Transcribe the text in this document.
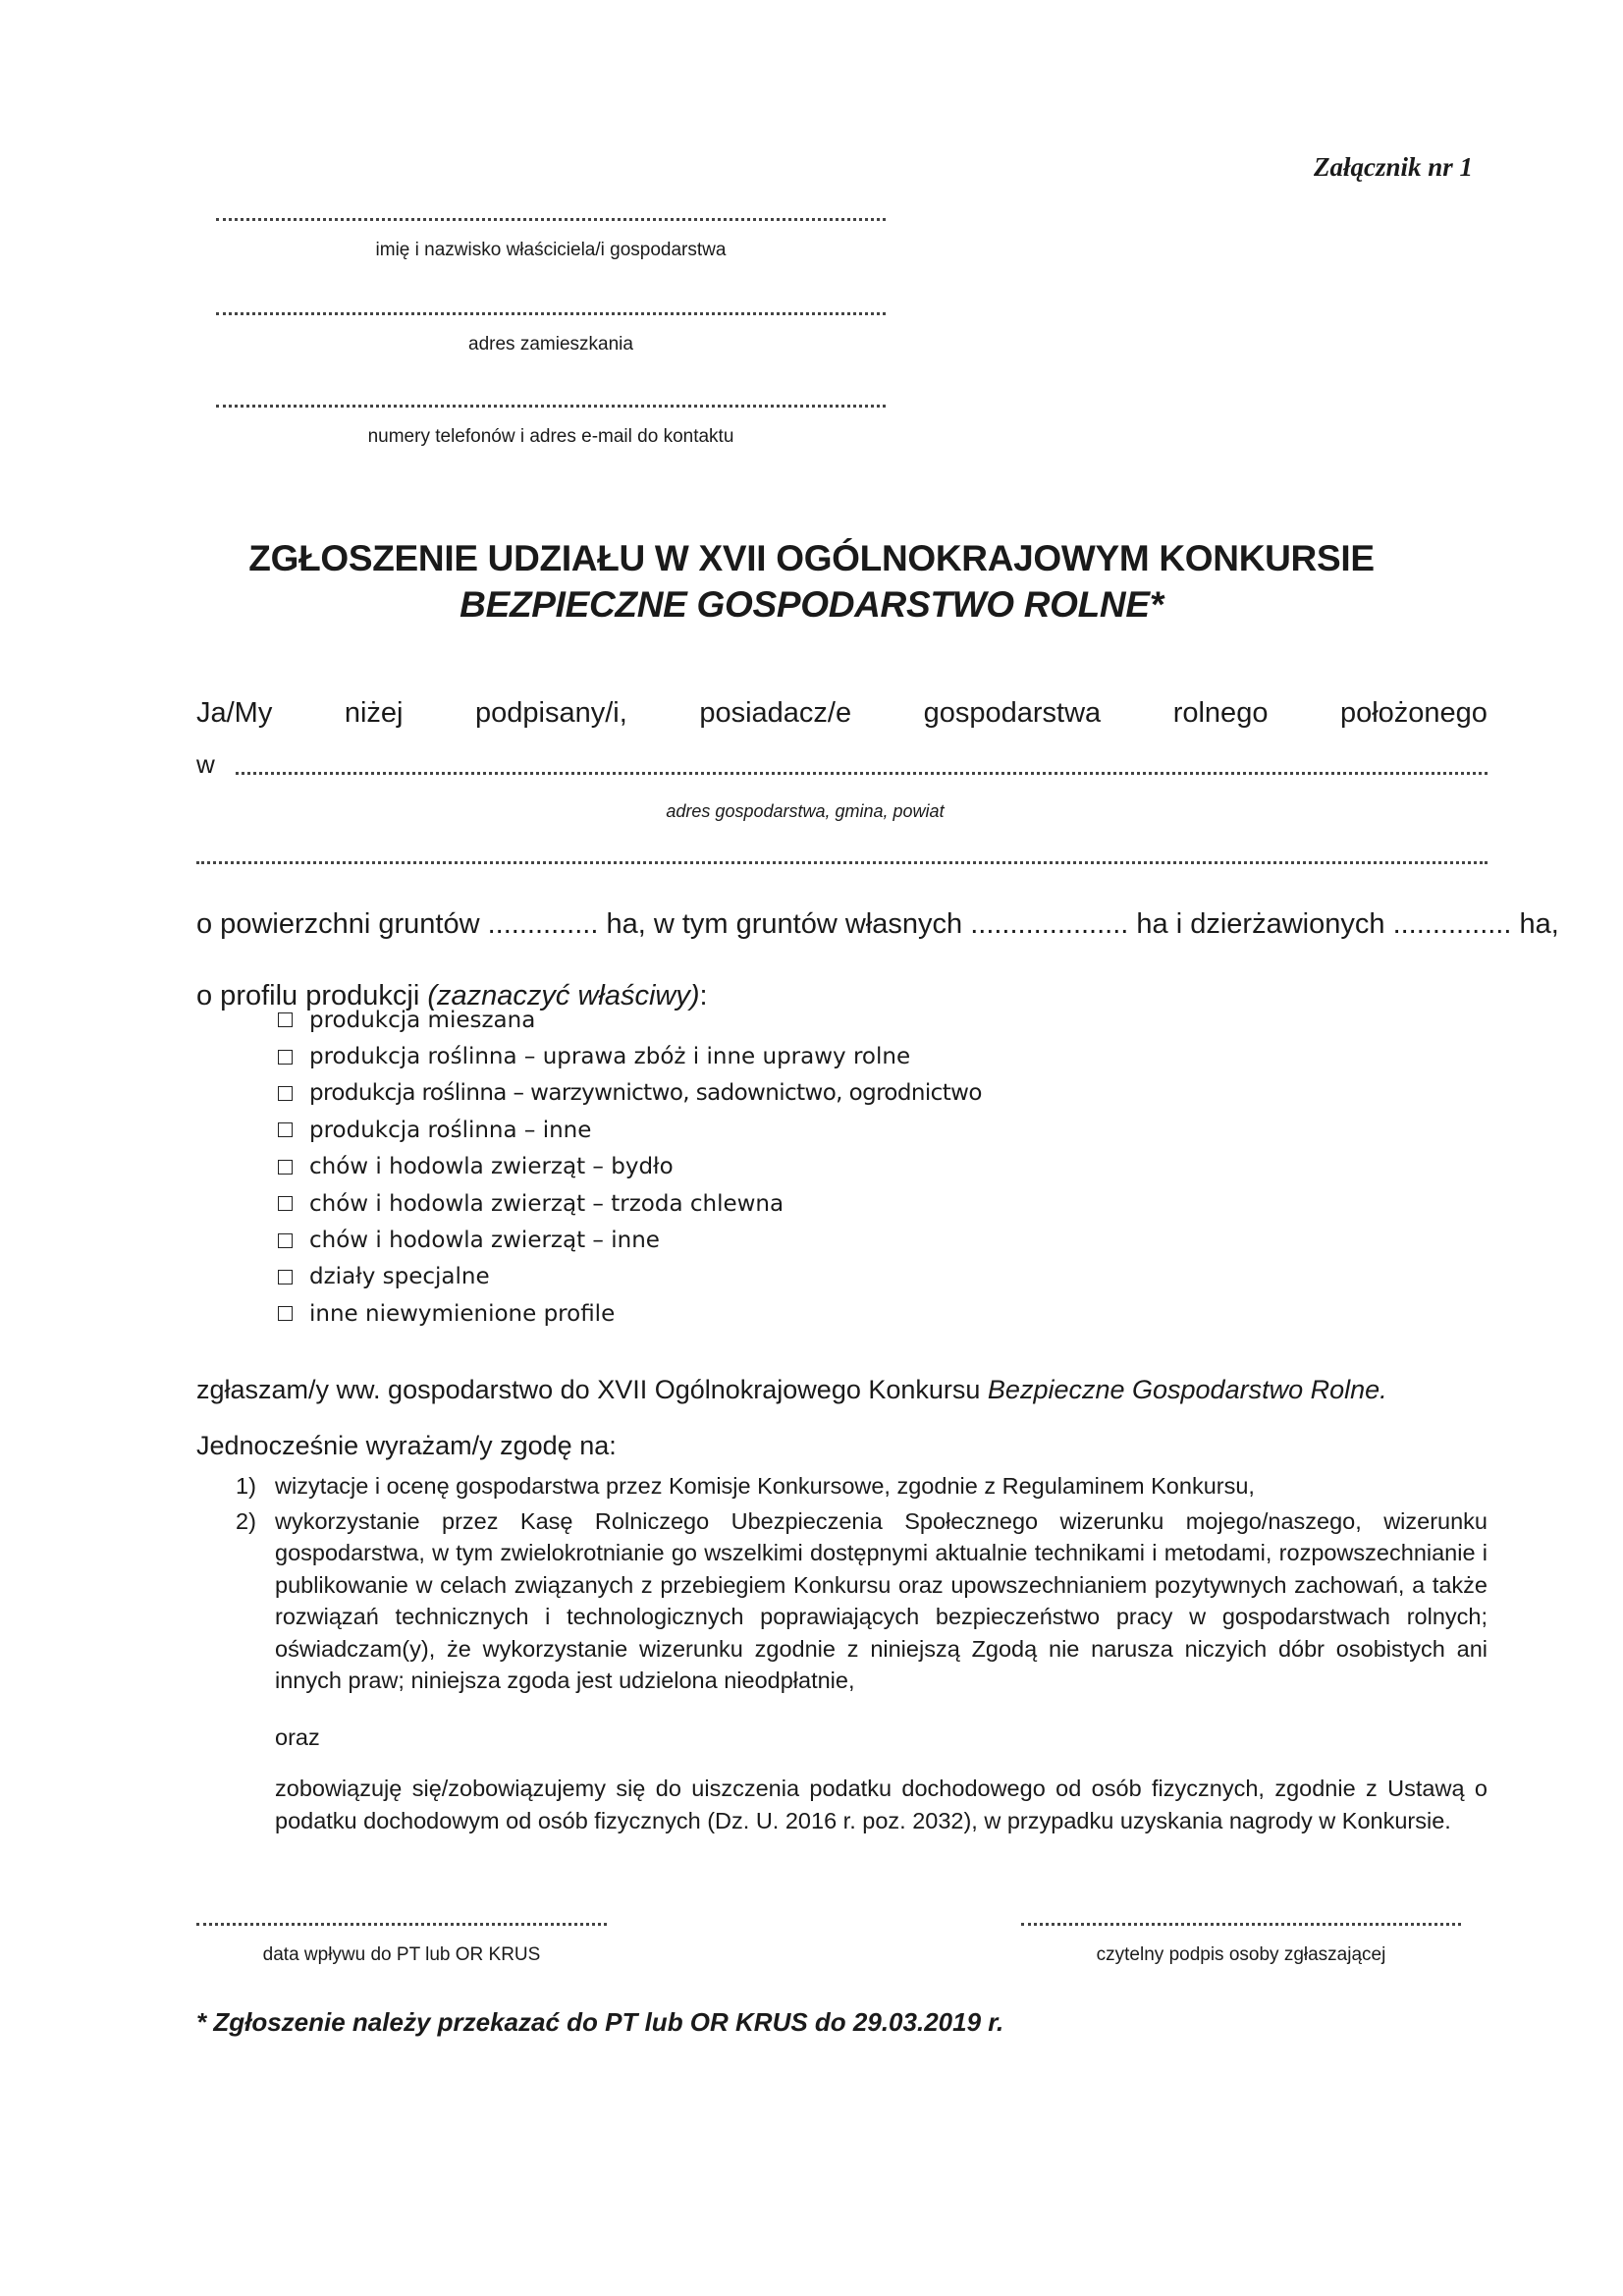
Załącznik nr 1
imię i nazwisko właściciela/i gospodarstwa
adres zamieszkania
numery telefonów i adres e-mail do kontaktu
ZGŁOSZENIE UDZIAŁU W XVII OGÓLNOKRAJOWYM KONKURSIE
BEZPIECZNE GOSPODARSTWO ROLNE*
Ja/My	niżej	podpisany/i,	posiadacz/e	gospodarstwa	rolnego	położonego
w
adres gospodarstwa, gmina, powiat
o powierzchni gruntów .............. ha, w tym gruntów własnych .................... ha i dzierżawionych ............... ha,
o profilu produkcji (zaznaczyć właściwy):
produkcja mieszana
produkcja roślinna – uprawa zbóż i inne uprawy rolne
produkcja roślinna – warzywnictwo, sadownictwo, ogrodnictwo
produkcja roślinna – inne
chów i hodowla zwierząt – bydło
chów i hodowla zwierząt – trzoda chlewna
chów i hodowla zwierząt – inne
działy specjalne
inne niewymienione profile
zgłaszam/y ww. gospodarstwo do XVII Ogólnokrajowego Konkursu Bezpieczne Gospodarstwo Rolne.
Jednocześnie wyrażam/y zgodę na:
1) wizytacje i ocenę gospodarstwa przez Komisje Konkursowe, zgodnie z Regulaminem Konkursu,
2) wykorzystanie przez Kasę Rolniczego Ubezpieczenia Społecznego wizerunku mojego/naszego, wizerunku gospodarstwa, w tym zwielokrotnianie go wszelkimi dostępnymi aktualnie technikami i metodami, rozpowszechnianie i publikowanie w celach związanych z przebiegiem Konkursu oraz upowszechnianiem pozytywnych zachowań, a także rozwiązań technicznych i technologicznych poprawiających bezpieczeństwo pracy w gospodarstwach rolnych; oświadczam(y), że wykorzystanie wizerunku zgodnie z niniejszą Zgodą nie narusza niczyich dóbr osobistych ani innych praw; niniejsza zgoda jest udzielona nieodpłatnie,
oraz
zobowiązuję się/zobowiązujemy się do uiszczenia podatku dochodowego od osób fizycznych, zgodnie z Ustawą o podatku dochodowym od osób fizycznych (Dz. U. 2016 r. poz. 2032), w przypadku uzyskania nagrody w Konkursie.
data wpływu do PT lub OR KRUS	czytelny podpis osoby zgłaszającej
* Zgłoszenie należy przekazać do PT lub OR KRUS do 29.03.2019 r.
